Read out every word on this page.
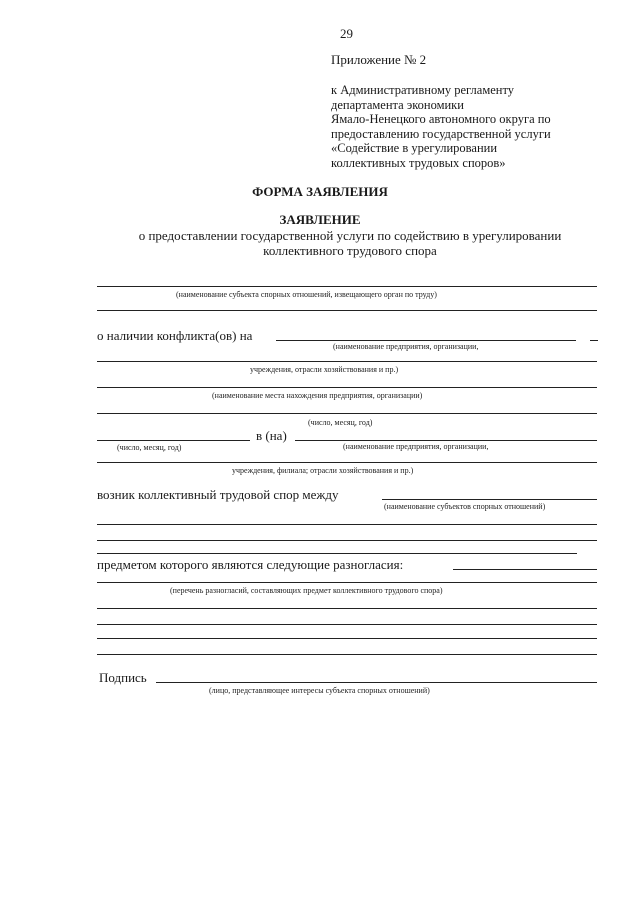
29
Приложение № 2
к Административному регламенту
департамента экономики
Ямало-Ненецкого автономного округа по
предоставлению государственной услуги
«Содействие в урегулировании
коллективных трудовых споров»
ФОРМА ЗАЯВЛЕНИЯ
ЗАЯВЛЕНИЕ
о предоставлении государственной услуги по содействию в урегулировании
коллективного трудового спора
(наименование субъекта спорных отношений, извещающего орган по труду)
о наличии конфликта(ов) на
(наименование предприятия, организации,
учреждения, отрасли хозяйствования и пр.)
(наименование места нахождения предприятия, организации)
(число, месяц, год)
в (на)
(число, месяц, год)	(наименование предприятия, организации,
учреждения, филиала; отрасли хозяйствования и пр.)
возник коллективный трудовой спор между
(наименование субъектов спорных отношений)
предметом которого являются следующие разногласия:
(перечень разногласий, составляющих предмет коллективного трудового спора)
Подпись
(лицо, представляющее интересы субъекта спорных отношений)
